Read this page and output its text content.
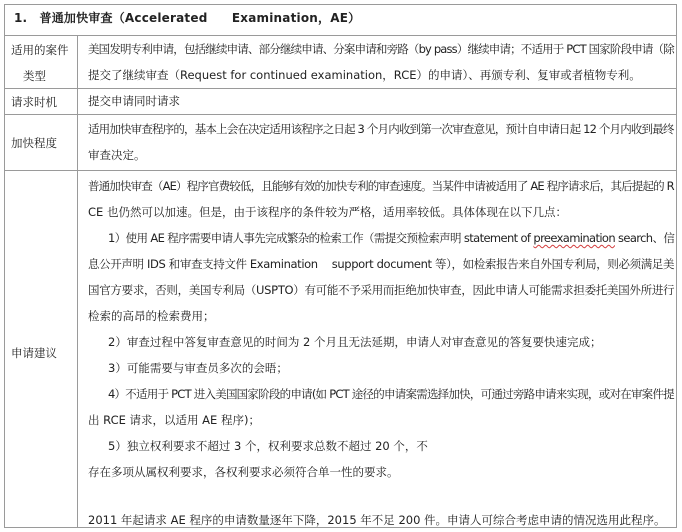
1.　普通加快审查（Accelerated　　Examination，AE）
适用的案件
类型
美国发明专利申请，包括继续申请、部分继续申请、分案申请和旁路（by pass）继续申请；不适用于 PCT 国家阶段申请（除
提交了继续审查（Request for continued examination，RCE）的申请）、再颁专利、复审或者植物专利。
请求时机	提交申请同时请求
加快程度
适用加快审查程序的，基本上会在决定适用该程序之日起 3 个月内收到第一次审查意见，预计自申请日起 12 个月内收到最终
审查决定。
申请建议
普通加快审查（AE）程序官费较低，且能够有效的加快专利的审查速度。当某件申请被适用了 AE 程序请求后，其后提起的 R
CE 也仍然可以加速。但是，由于该程序的条件较为严格，适用率较低。具体体现在以下几点：
1）使用 AE 程序需要申请人事先完成繁杂的检索工作（需提交预检索声明 statement of preexamination search、信
息公开声明 IDS 和审查支持文件 Examination support document 等），如检索报告来自外国专利局，则必须满足美
国官方要求，否则，美国专利局（USPTO）有可能不予采用而拒绝加快审查，因此申请人可能需求担委托美国外所进行
检索的高昂的检索费用；
2）审查过程中答复审查意见的时间为 2 个月且无法延期，申请人对审查意见的答复要快速完成；
3）可能需要与审查员多次的会晤；
4）不适用于 PCT 进入美国国家阶段的申请(如 PCT 途径的申请案需选择加快，可通过旁路申请来实现，或对在审案件提
出 RCE 请求，以适用 AE 程序)；
5）独立权利要求不超过 3 个，权利要求总数不超过 20 个，不
存在多项从属权利要求，各权利要求必须符合单一性的要求。
2011 年起请求 AE 程序的申请数量逐年下降，2015 年不足 200 件。申请人可综合考虑申请的情况选用此程序。
